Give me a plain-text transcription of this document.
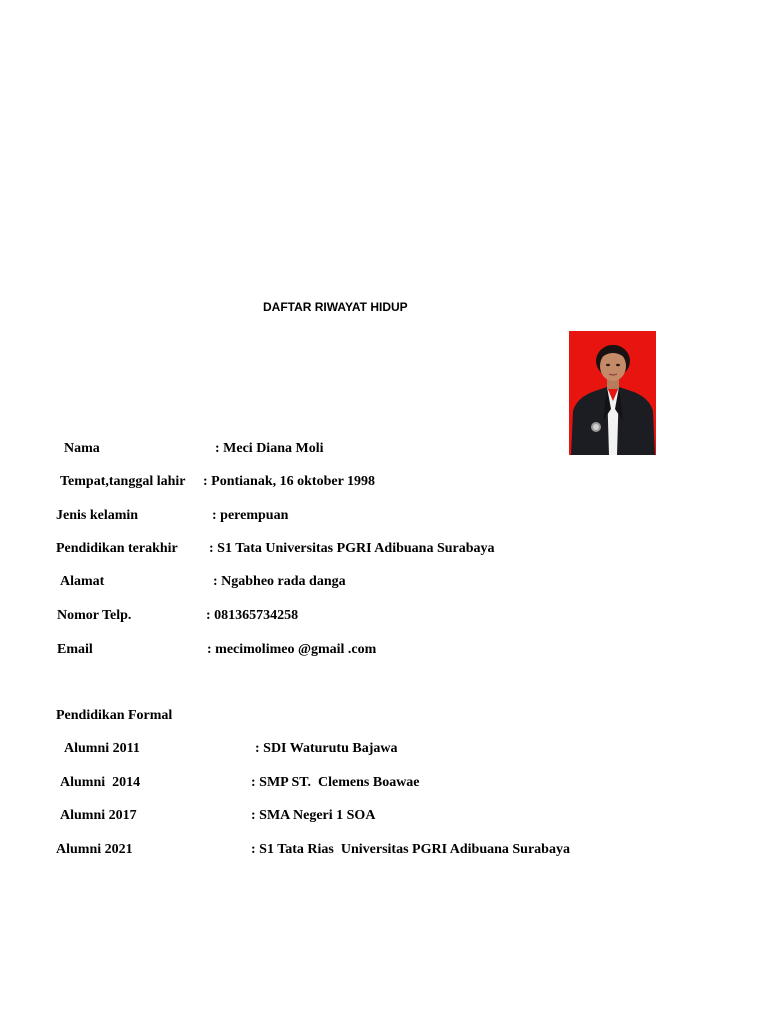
DAFTAR RIWAYAT HIDUP

Nama

	: Meci Diana Moli

Tempat,tanggal lahir

: Pontianak, 16 oktober 1998

Jenis kelamin

	: perempuan

Pendidikan terakhir

: S1 Tata Universitas PGRI Adibuana Surabaya

Alamat

	: Ngabheo rada danga

Nomor Telp.

	: 081365734258

Email

	: mecimolimeo @gmail .com

Pendidikan Formal

Alumni 2011

	: SDI Waturutu Bajawa

Alumni  2014

	: SMP ST.  Clemens Boawae

Alumni 2017

	: SMA Negeri 1 SOA

Alumni 2021

	: S1 Tata Rias  Universitas PGRI Adibuana Surabaya
